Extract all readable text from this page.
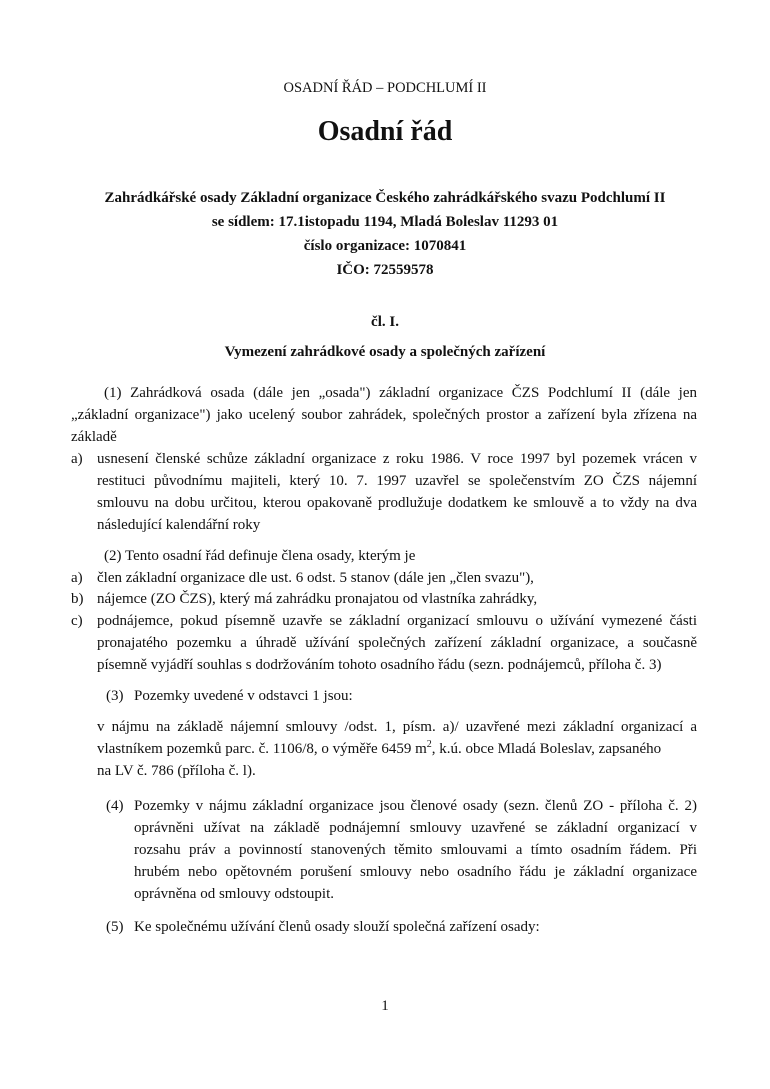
OSADNÍ ŘÁD – PODCHLUMÍ II
Osadní řád
Zahrádkářské osady Základní organizace Českého zahrádkářského svazu Podchlumí II
se sídlem: 17.1istopadu 1194, Mladá Boleslav 11293 01
číslo organizace: 1070841
IČO: 72559578
čl. I.
Vymezení zahrádkové osady a společných zařízení
(1) Zahrádková osada (dále jen „osada") základní organizace ČZS Podchlumí II (dále jen
„základní organizace") jako ucelený soubor zahrádek, společných prostor a zařízení byla zřízena na
základě
a) usnesení členské schůze základní organizace z roku 1986. V roce 1997 byl pozemek vrácen v
restituci původnímu majiteli, který 10. 7. 1997 uzavřel se společenstvím ZO ČZS nájemní
smlouvu na dobu určitou, kterou opakovaně prodlužuje dodatkem ke smlouvě a to vždy na dva
následující kalendářní roky
(2) Tento osadní řád definuje člena osady, kterým je
a) člen základní organizace dle ust. 6 odst. 5 stanov (dále jen „člen svazu"),
b) nájemce (ZO ČZS), který má zahrádku pronajatou od vlastníka zahrádky,
c) podnájemce, pokud písemně uzavře se základní organizací smlouvu o užívání vymezené části
pronajatého pozemku a úhradě užívání společných zařízení základní organizace, a současně
písemně vyjádří souhlas s dodržováním tohoto osadního řádu (sezn. podnájemců, příloha č. 3)
(3) Pozemky uvedené v odstavci 1 jsou:
v nájmu na základě nájemní smlouvy /odst. 1, písm. a)/ uzavřené mezi základní organizací a
vlastníkem pozemků parc. č. 1106/8, o výměře 6459 $m^2$, k.ú. obce Mladá Boleslav, zapsaného
na LV č. 786 (příloha č. l).
(4) Pozemky v nájmu základní organizace jsou členové osady (sezn. členů ZO - příloha č. 2)
oprávněni užívat na základě podnájemní smlouvy uzavřené se základní organizací v
rozsahu práv a povinností stanovených těmito smlouvami a tímto osadním řádem. Při
hrubém nebo opětovném porušení smlouvy nebo osadního řádu je základní organizace
oprávněna od smlouvy odstoupit.
(5) Ke společnému užívání členů osady slouží společná zařízení osady:
1
